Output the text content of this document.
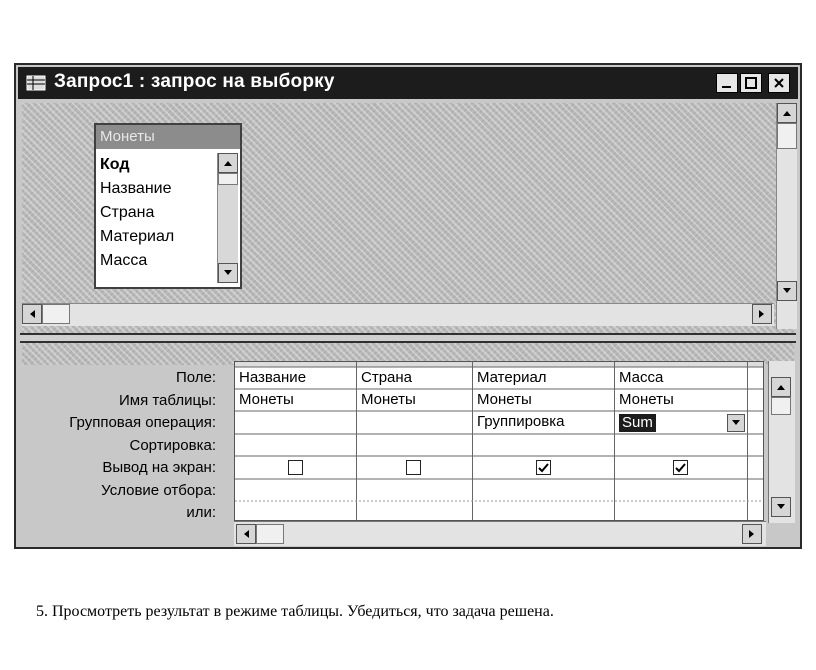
Запрос1 : запрос на выборку
Монеты
Код
Название
Страна
Материал
Масса
Поле:
Имя таблицы:
Групповая операция:
Сортировка:
Вывод на экран:
Условие отбора:
или:
Название
Монеты
Страна
Монеты
Материал
Монеты
Группировка
Масса
Монеты
Sum
5. Просмотреть результат в режиме таблицы. Убедиться, что задача решена.
